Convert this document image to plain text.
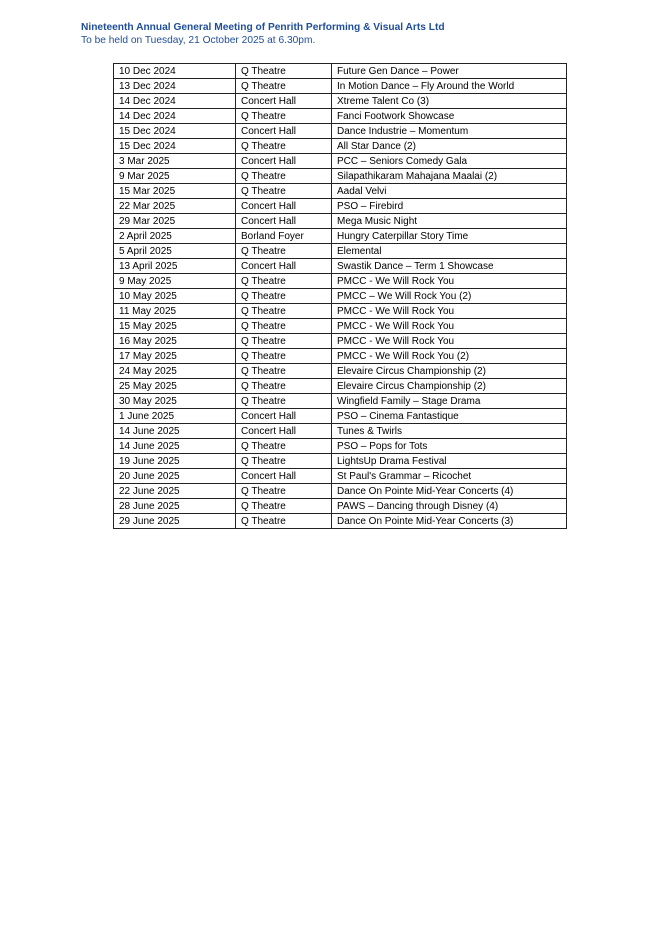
Nineteenth Annual General Meeting of Penrith Performing & Visual Arts Ltd
To be held on Tuesday, 21 October 2025 at 6.30pm.
10 Dec 2024	Q Theatre	Future Gen Dance – Power
13 Dec 2024	Q Theatre	In Motion Dance – Fly Around the World
14 Dec 2024	Concert Hall	Xtreme Talent Co (3)
14 Dec 2024	Q Theatre	Fanci Footwork Showcase
15 Dec 2024	Concert Hall	Dance Industrie – Momentum
15 Dec 2024	Q Theatre	All Star Dance (2)
3 Mar 2025	Concert Hall	PCC – Seniors Comedy Gala
9 Mar 2025	Q Theatre	Silapathikaram Mahajana Maalai (2)
15 Mar 2025	Q Theatre	Aadal Velvi
22 Mar 2025	Concert Hall	PSO – Firebird
29 Mar 2025	Concert Hall	Mega Music Night
2 April 2025	Borland Foyer	Hungry Caterpillar Story Time
5 April 2025	Q Theatre	Elemental
13 April 2025	Concert Hall	Swastik Dance – Term 1 Showcase
9 May 2025	Q Theatre	PMCC - We Will Rock You
10 May 2025	Q Theatre	PMCC – We Will Rock You (2)
11 May 2025	Q Theatre	PMCC - We Will Rock You
15 May 2025	Q Theatre	PMCC - We Will Rock You
16 May 2025	Q Theatre	PMCC - We Will Rock You
17 May 2025	Q Theatre	PMCC - We Will Rock You (2)
24 May 2025	Q Theatre	Elevaire Circus Championship (2)
25 May 2025	Q Theatre	Elevaire Circus Championship (2)
30 May 2025	Q Theatre	Wingfield Family – Stage Drama
1 June 2025	Concert Hall	PSO – Cinema Fantastique
14 June 2025	Concert Hall	Tunes & Twirls
14 June 2025	Q Theatre	PSO – Pops for Tots
19 June 2025	Q Theatre	LightsUp Drama Festival
20 June 2025	Concert Hall	St Paul's Grammar – Ricochet
22 June 2025	Q Theatre	Dance On Pointe Mid-Year Concerts (4)
28 June 2025	Q Theatre	PAWS – Dancing through Disney (4)
29 June 2025	Q Theatre	Dance On Pointe Mid-Year Concerts (3)
